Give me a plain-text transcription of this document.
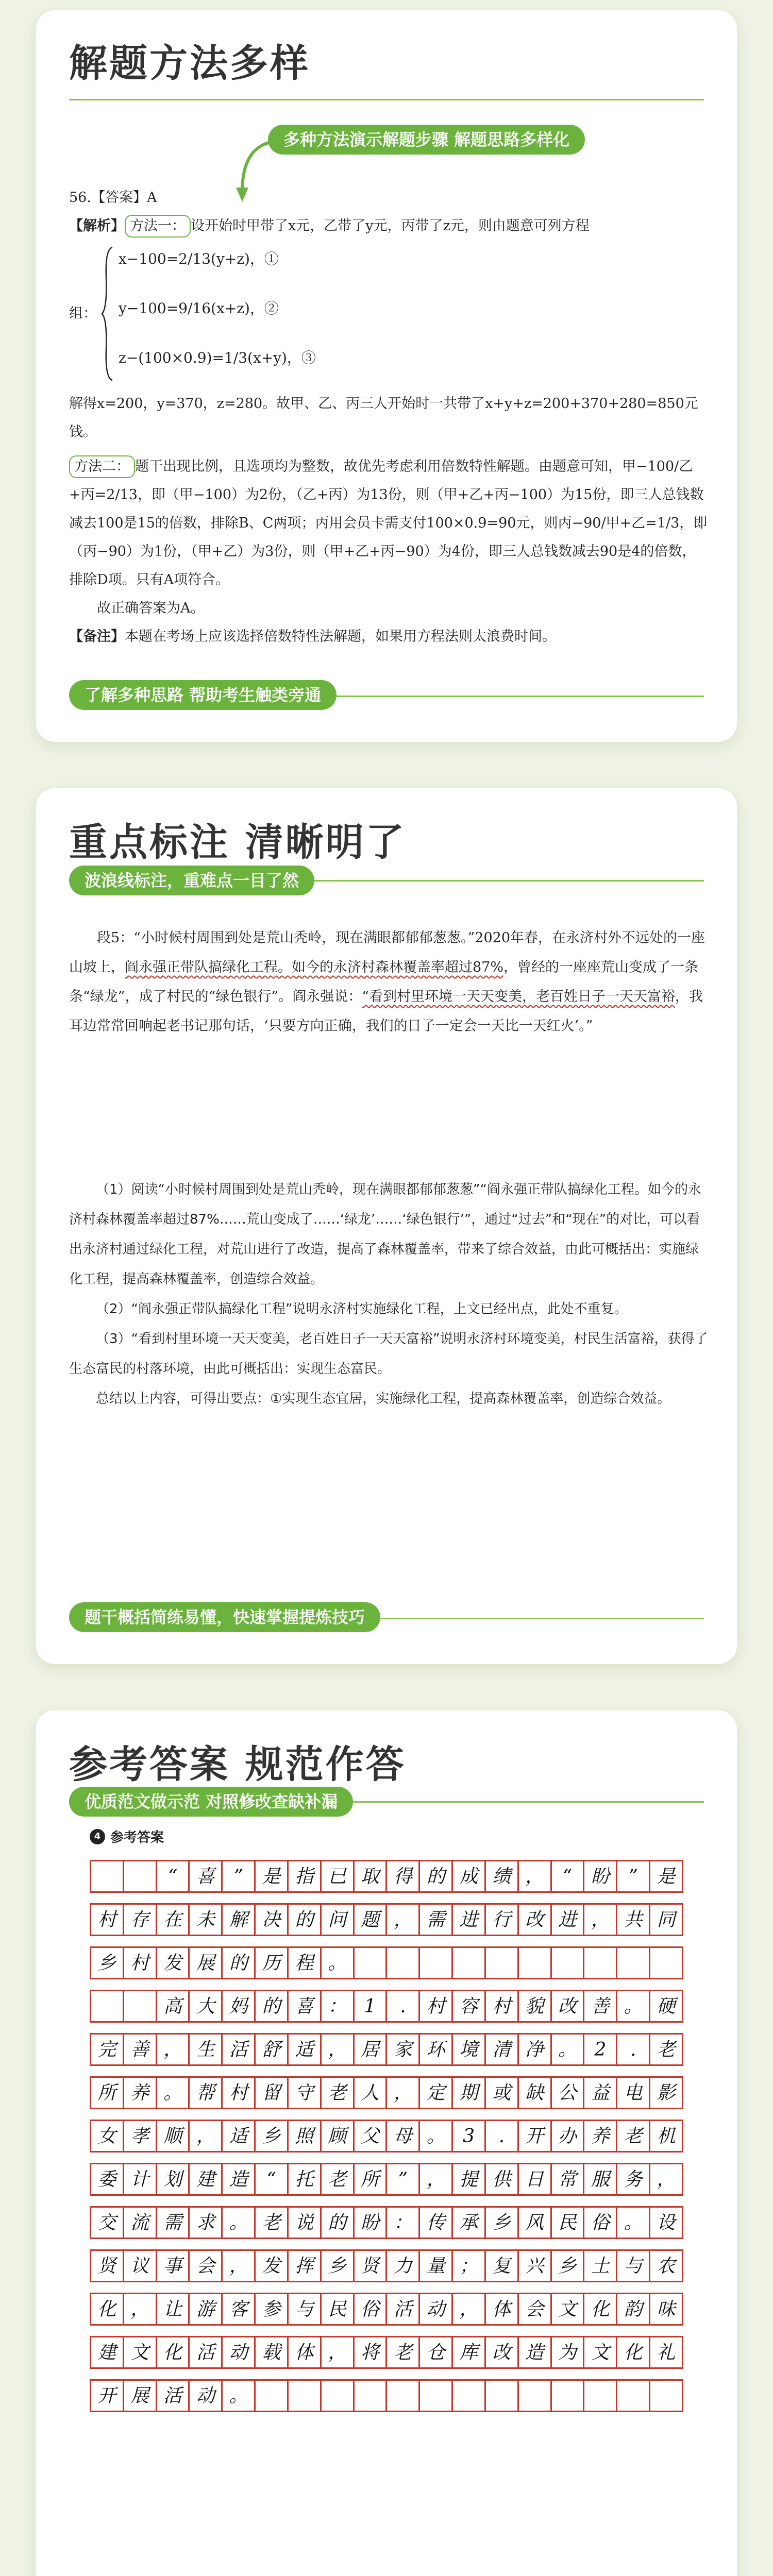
解题方法多样
多种方法演示解题步骤 解题思路多样化

56.【答案】A

【解析】 方法一： 设开始时甲带了x元，乙带了y元，丙带了z元，则由题意可列方程

组：
x−100=2/13(y+z)，①
y−100=9/16(x+z)，②
z−(100×0.9)=1/3(x+y)，③
解得x=200，y=370，z=280。故甲、乙、丙三人开始时一共带了x+y+z=200+370+280=850元钱。

方法二： 题干出现比例，且选项均为整数，故优先考虑利用倍数特性解题。由题意可知，甲−100/乙+丙=2/13，即（甲−100）为2份，（乙+丙）为13份，则（甲+乙+丙−100）为15份，即三人总钱数减去100是15的倍数，排除B、C两项；丙用会员卡需支付100×0.9=90元，则丙−90/甲+乙=1/3，即（丙−90）为1份，（甲+乙）为3份，则（甲+乙+丙−90）为4份，即三人总钱数减去90是4的倍数，排除D项。只有A项符合。

故正确答案为A。

【备注】本题在考场上应该选择倍数特性法解题，如果用方程法则太浪费时间。

了解多种思路 帮助考生触类旁通
重点标注 清晰明了
波浪线标注，重难点一目了然

段5：“小时候村周围到处是荒山秃岭，现在满眼都郁郁葱葱。”2020年春，在永济村外不远处的一座山坡上，阎永强正带队搞绿化工程。如今的永济村森林覆盖率超过87%，曾经的一座座荒山变成了一条条“绿龙”，成了村民的“绿色银行”。阎永强说：“看到村里环境一天天变美，老百姓日子一天天富裕，我耳边常常回响起老书记那句话，‘只要方向正确，我们的日子一定会一天比一天红火’。”

（1）阅读“小时候村周围到处是荒山秃岭，现在满眼都郁郁葱葱”“阎永强正带队搞绿化工程。如今的永济村森林覆盖率超过87%……荒山变成了……‘绿龙’……‘绿色银行’”，通过“过去”和“现在”的对比，可以看出永济村通过绿化工程，对荒山进行了改造，提高了森林覆盖率，带来了综合效益，由此可概括出：实施绿化工程，提高森林覆盖率，创造综合效益。

（2）“阎永强正带队搞绿化工程”说明永济村实施绿化工程，上文已经出点，此处不重复。

（3）“看到村里环境一天天变美，老百姓日子一天天富裕”说明永济村环境变美，村民生活富裕，获得了生态富民的村落环境，由此可概括出：实现生态富民。

总结以上内容，可得出要点：①实现生态宜居，实施绿化工程，提高森林覆盖率，创造综合效益。

题干概括简练易懂，快速掌握提炼技巧
参考答案 规范作答
优质范文做示范 对照修改查缺补漏
4 参考答案
“	喜	”	是 指 已 取 得 的 成 绩 ，	“	盼	”	是
村 存 在 未 解 决 的 问 题 ， 需 进 行 改 进 ， 共 同
乡 村 发 展 的 历 程 。
高 大 妈 的 喜 ： 1	.	村 容 村 貌 改 善 。 硬
完 善 ， 生 活 舒 适 ， 居 家 环 境 清 净 。 2	.	老
所 养 。 帮 村 留 守 老 人 ， 定 期 或 缺 公 益 电 影
女 孝 顺 ， 适 乡 照 顾 父 母 。 3	.	开 办 养 老 机
委 计 划 建 造	“	托 老 所	”	， 提 供 日 常 服 务 ，
交 流 需 求 。 老 说 的 盼 ： 传 承 乡 风 民 俗 。 设
贤 议 事 会 ， 发 挥 乡 贤 力 量 ； 复 兴 乡 土 与 农
化 ， 让 游 客 参 与 民 俗 活 动 ， 体 会 文 化 韵 味
建 文 化 活 动 载 体 ， 将 老 仓 库 改 造 为 文 化 礼
开 展 活 动 。
